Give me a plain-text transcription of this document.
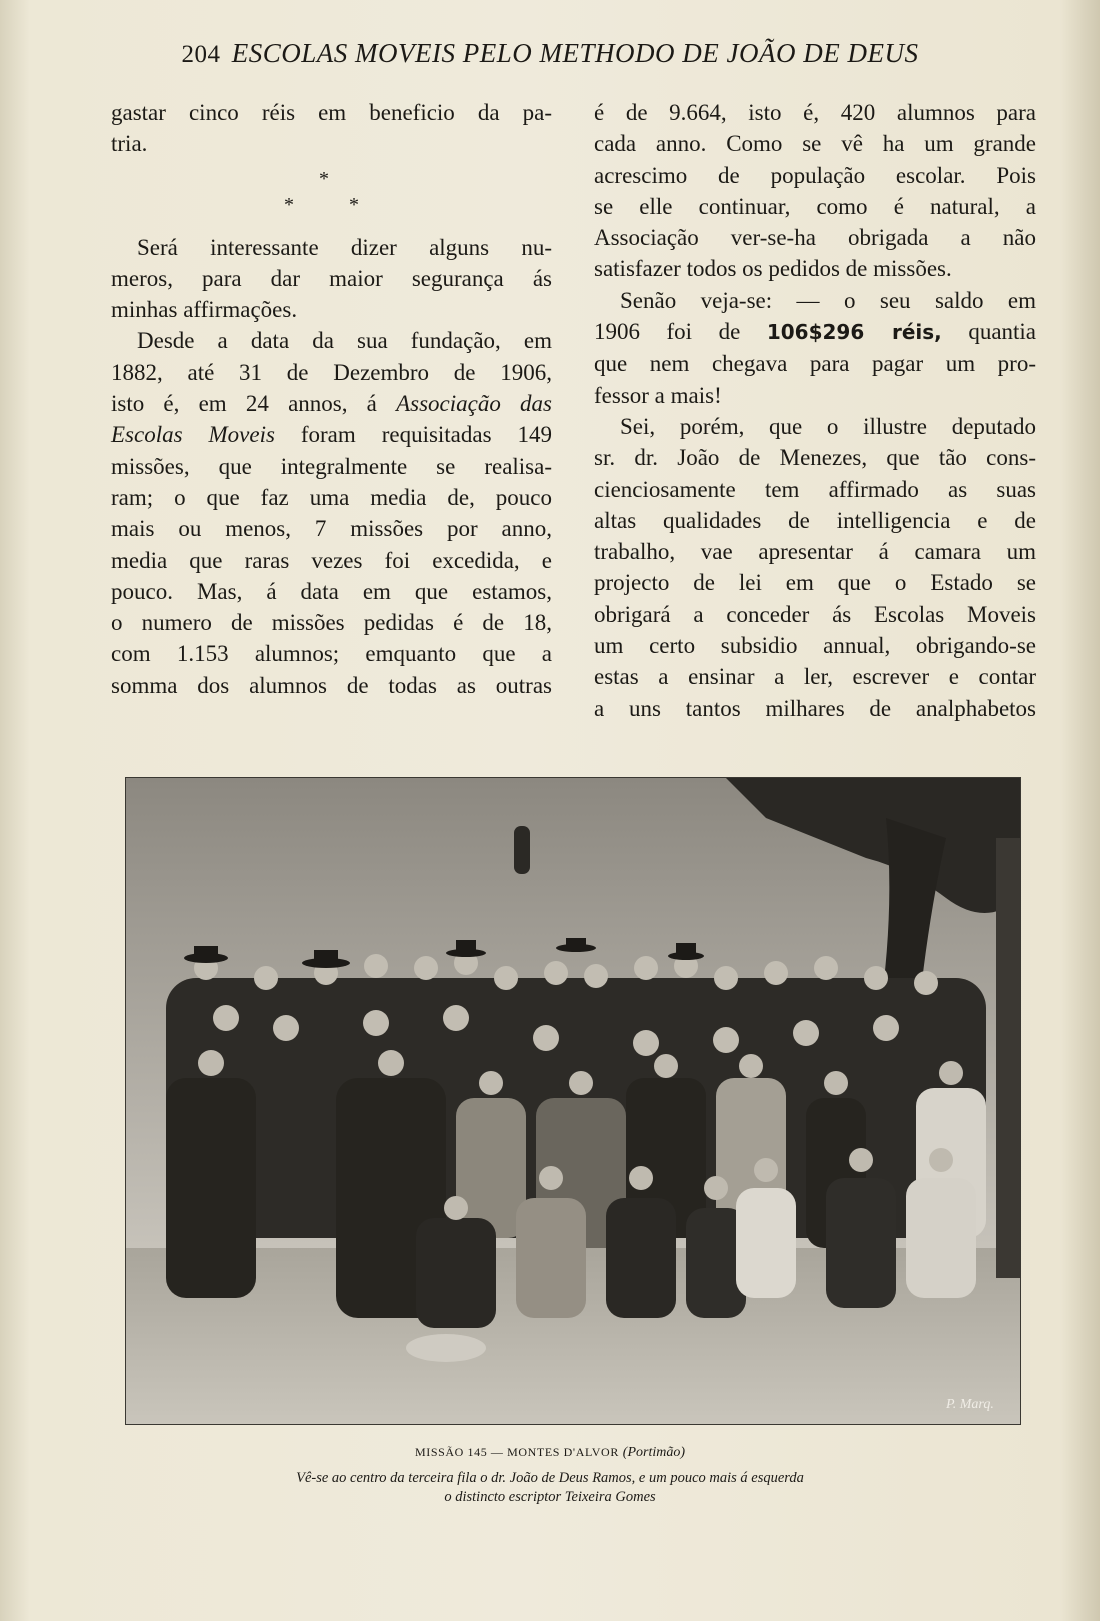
204 ESCOLAS MOVEIS PELO METHODO DE JOÃO DE DEUS

gastar cinco réis em beneficio da pa-
tria.

*
*	*

Será interessante dizer alguns nu-
meros, para dar maior segurança ás
minhas affirmações.

Desde a data da sua fundação, em
1882, até 31 de Dezembro de 1906,
isto é, em 24 annos, á Associação das
Escolas Moveis foram requisitadas 149
missões, que integralmente se realisa-
ram; o que faz uma media de, pouco
mais ou menos, 7 missões por anno,
media que raras vezes foi excedida, e
pouco. Mas, á data em que estamos,
o numero de missões pedidas é de 18,
com 1.153 alumnos; emquanto que a
somma dos alumnos de todas as outras

é de 9.664, isto é, 420 alumnos para
cada anno. Como se vê ha um grande
acrescimo de população escolar. Pois
se elle continuar, como é natural, a
Associação ver-se-ha obrigada a não
satisfazer todos os pedidos de missões.

Senão veja-se: — o seu saldo em
1906 foi de 106$296 réis, quantia
que nem chegava para pagar um pro-
fessor a mais!

Sei, porém, que o illustre deputado
sr. dr. João de Menezes, que tão cons-
cienciosamente tem affirmado as suas
altas qualidades de intelligencia e de
trabalho, vae apresentar á camara um
projecto de lei em que o Estado se
obrigará a conceder ás Escolas Moveis
um certo subsidio annual, obrigando-se
estas a ensinar a ler, escrever e contar
a uns tantos milhares de analphabetos

P. Marq.
MISSÃO 145 — MONTES D'ALVOR (Portimão)
Vê-se ao centro da terceira fila o dr. João de Deus Ramos, e um pouco mais á esquerda
o distincto escriptor Teixeira Gomes
